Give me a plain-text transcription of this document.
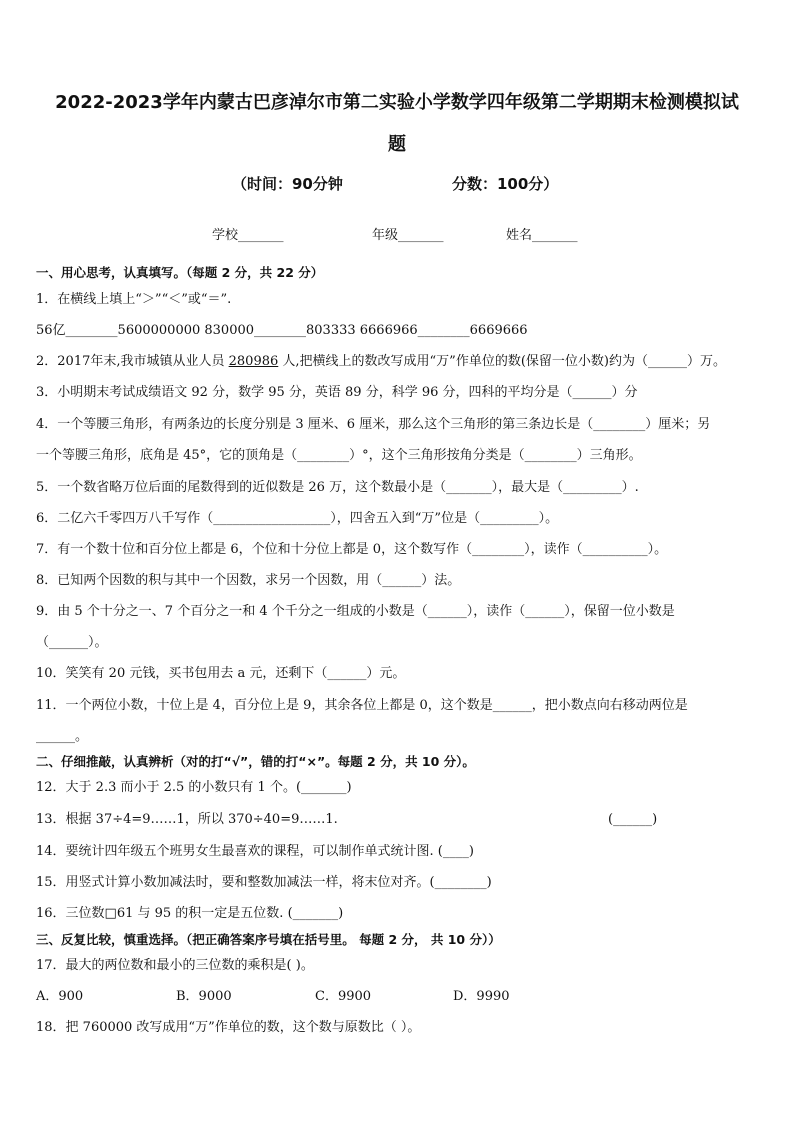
2022-2023学年内蒙古巴彦淖尔市第二实验小学数学四年级第二学期期末检测模拟试
题
（时间：90分钟	分数：100分）
学校_______	年级_______	姓名_______
一、用心思考，认真填写。（每题 2 分，共 22 分）
1．在横线上填上“＞”“＜”或“＝”.
56亿________5600000000 830000________803333 6666966________6669666
2．2017年末,我市城镇从业人员 280986 人,把横线上的数改写成用“万”作单位的数(保留一位小数)约为（______）万。
3．小明期末考试成绩语文 92 分，数学 95 分，英语 89 分，科学 96 分，四科的平均分是（______）分
4．一个等腰三角形，有两条边的长度分别是 3 厘米、6 厘米，那么这个三角形的第三条边长是（________）厘米；另
一个等腰三角形，底角是 45°，它的顶角是（________）°，这个三角形按角分类是（________）三角形。
5．一个数省略万位后面的尾数得到的近似数是 26 万，这个数最小是（_______），最大是（_________）.
6．二亿六千零四万八千写作（__________________），四舍五入到“万”位是（_________）。
7．有一个数十位和百分位上都是 6，个位和十分位上都是 0，这个数写作（________），读作（__________）。
8．已知两个因数的积与其中一个因数，求另一个因数，用（______）法。
9．由 5 个十分之一、7 个百分之一和 4 个千分之一组成的小数是（______），读作（______），保留一位小数是
（______）。
10．笑笑有 20 元钱，买书包用去 a 元，还剩下（______）元。
11．一个两位小数，十位上是 4，百分位上是 9，其余各位上都是 0，这个数是______，把小数点向右移动两位是
______。
二、仔细推敲，认真辨析（对的打“√”，错的打“×”。每题 2 分，共 10 分）。
12．大于 2.3 而小于 2.5 的小数只有 1 个。(_______)
13．根据 37÷4=9……1，所以 370÷40=9……1.	(______)
14．要统计四年级五个班男女生最喜欢的课程，可以制作单式统计图. (____)
15．用竖式计算小数加减法时，要和整数加减法一样，将末位对齐。(________)
16．三位数□61 与 95 的积一定是五位数. (_______)
三、反复比较，慎重选择。（把正确答案序号填在括号里。 每题 2 分， 共 10 分））
17．最大的两位数和最小的三位数的乘积是( )。
A．900	B．9000	C．9900	D．9990
18．把 760000 改写成用“万”作单位的数，这个数与原数比（ ）。
